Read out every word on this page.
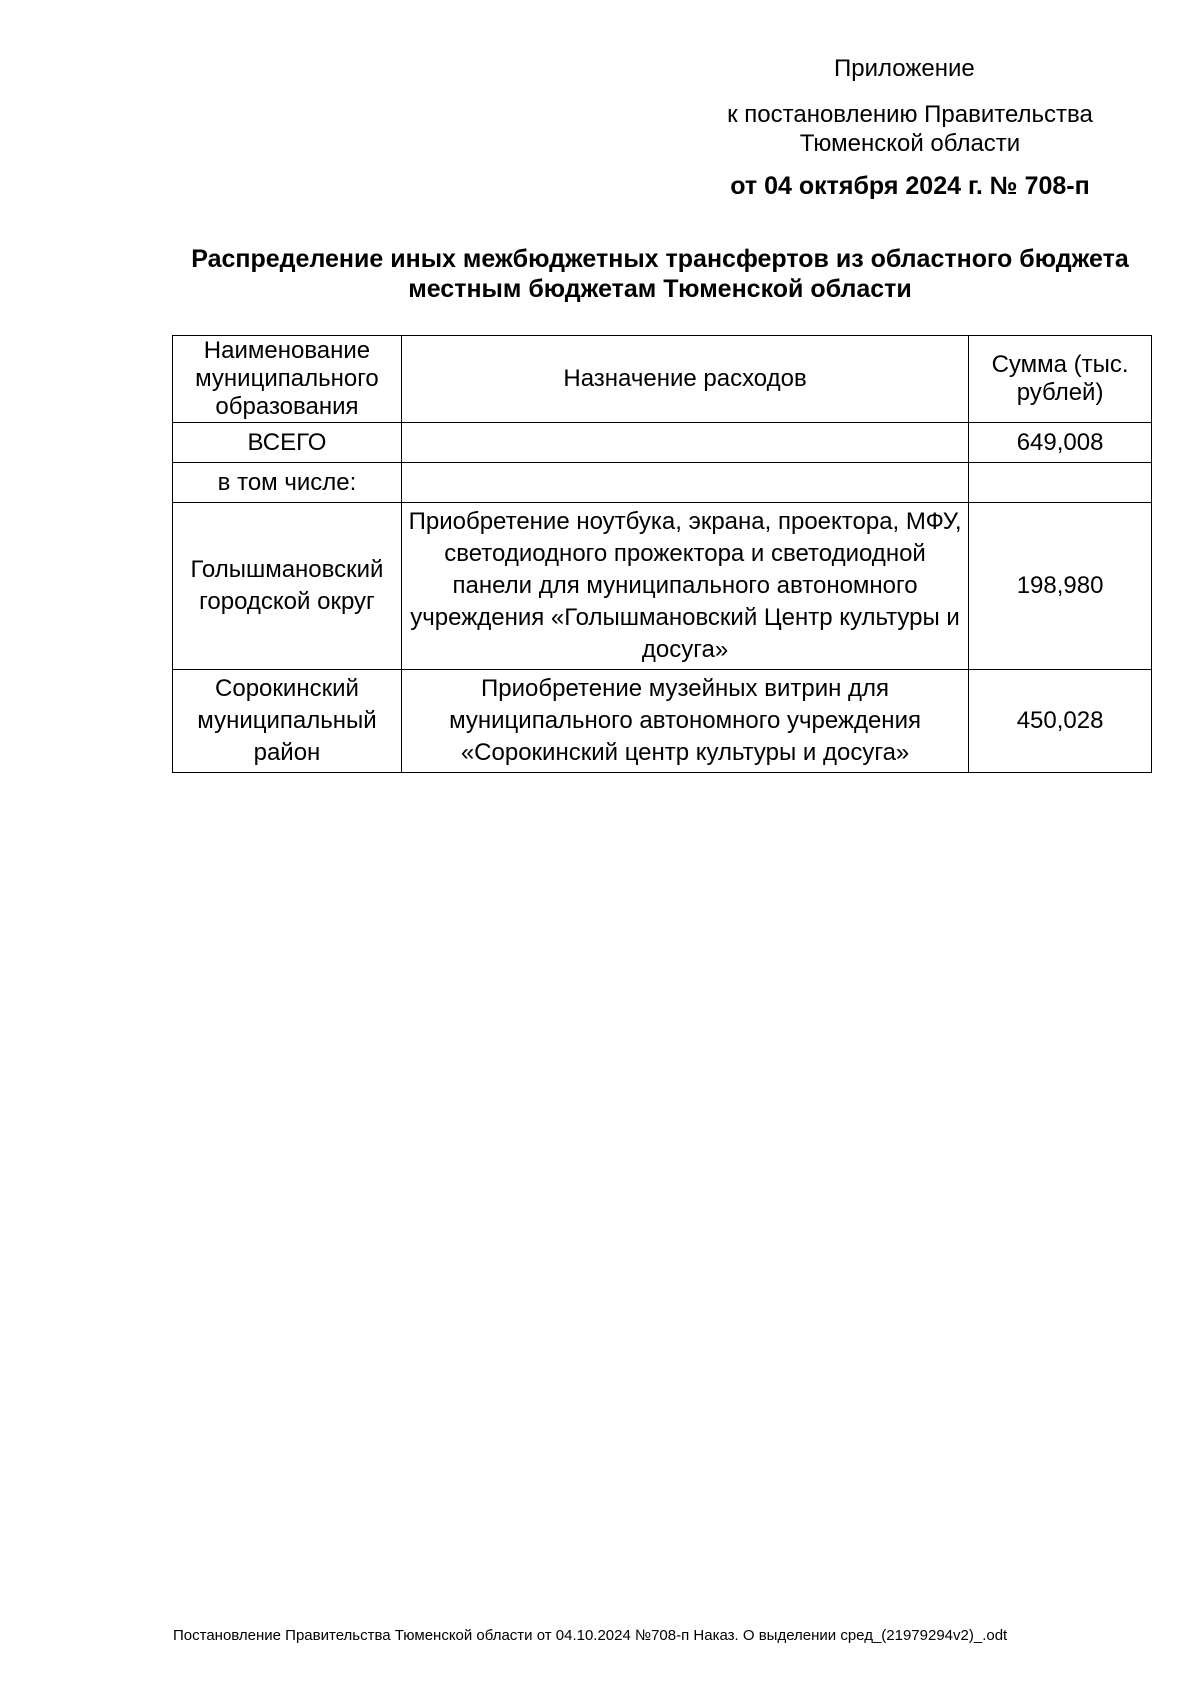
Приложение
к постановлению Правительства Тюменской области
от 04 октября 2024 г. № 708-п
Распределение иных межбюджетных трансфертов из областного бюджета местным бюджетам Тюменской области
Наименование муниципального образования	Назначение расходов	Сумма (тыс. рублей)
ВСЕГО		649,008
в том числе:		
Голышмановский городской округ	Приобретение ноутбука, экрана, проектора, МФУ, светодиодного прожектора и светодиодной панели для муниципального автономного учреждения «Голышмановский Центр культуры и досуга»	198,980
Сорокинский муниципальный район	Приобретение музейных витрин для муниципального автономного учреждения «Сорокинский центр культуры и досуга»	450,028
Постановление Правительства Тюменской области от 04.10.2024 №708-п Наказ. О выделении сред_(21979294v2)_.odt
